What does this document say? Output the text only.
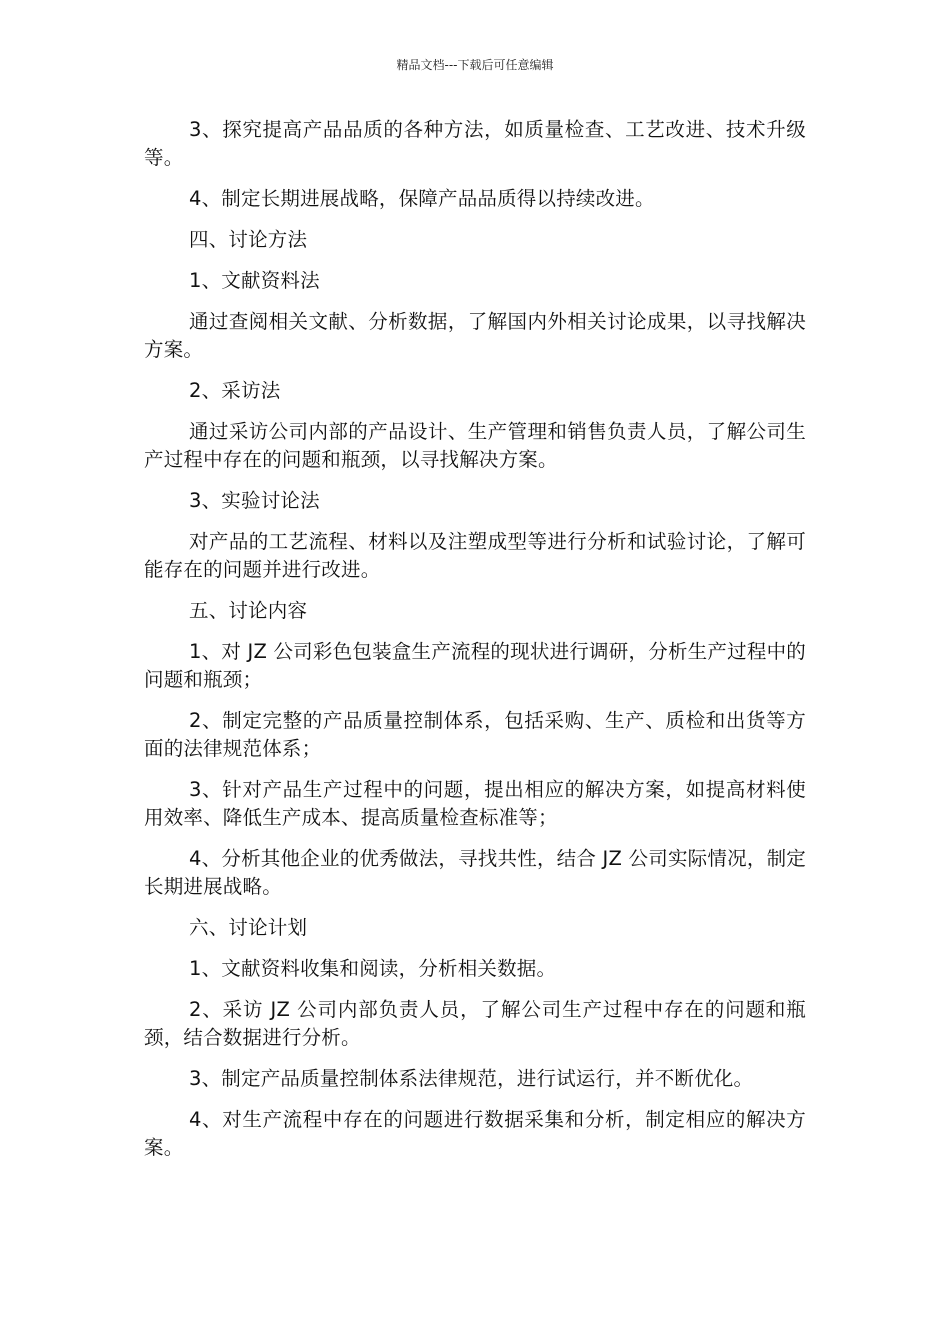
精品文档---下载后可任意编辑

3、探究提高产品品质的各种方法，如质量检查、工艺改进、技术升级等。

4、制定长期进展战略，保障产品品质得以持续改进。

四、讨论方法

1、文献资料法

通过查阅相关文献、分析数据，了解国内外相关讨论成果，以寻找解决方案。

2、采访法

通过采访公司内部的产品设计、生产管理和销售负责人员，了解公司生产过程中存在的问题和瓶颈，以寻找解决方案。

3、实验讨论法

对产品的工艺流程、材料以及注塑成型等进行分析和试验讨论，了解可能存在的问题并进行改进。

五、讨论内容

1、对 JZ 公司彩色包装盒生产流程的现状进行调研，分析生产过程中的问题和瓶颈；

2、制定完整的产品质量控制体系，包括采购、生产、质检和出货等方面的法律规范体系；

3、针对产品生产过程中的问题，提出相应的解决方案，如提高材料使用效率、降低生产成本、提高质量检查标准等；

4、分析其他企业的优秀做法，寻找共性，结合 JZ 公司实际情况，制定长期进展战略。

六、讨论计划

1、文献资料收集和阅读，分析相关数据。

2、采访 JZ 公司内部负责人员，了解公司生产过程中存在的问题和瓶颈，结合数据进行分析。

3、制定产品质量控制体系法律规范，进行试运行，并不断优化。

4、对生产流程中存在的问题进行数据采集和分析，制定相应的解决方案。
